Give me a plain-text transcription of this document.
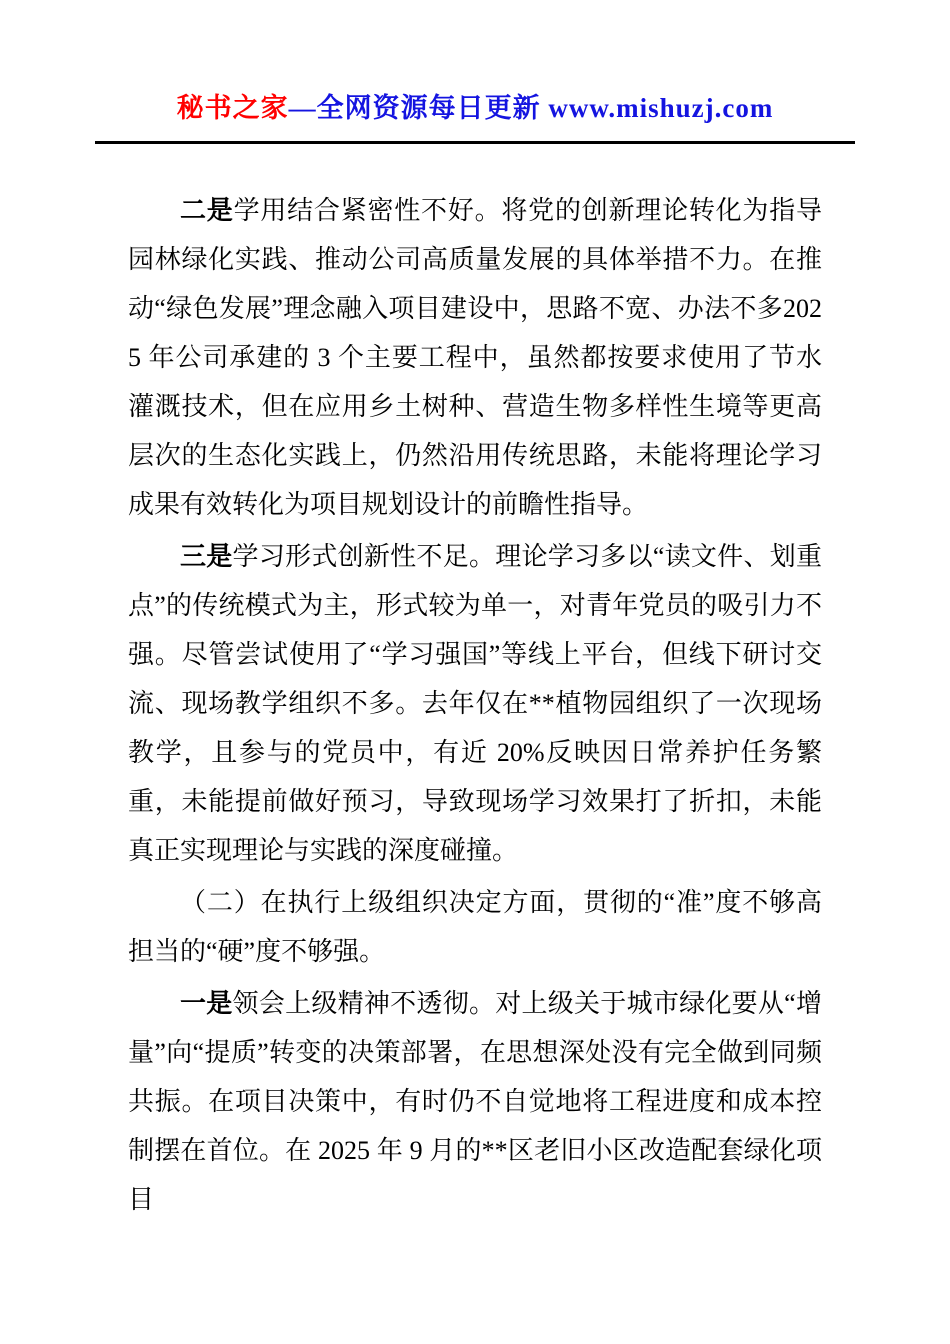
秘书之家—全网资源每日更新 www.mishuzj.com

二是学用结合紧密性不好。将党的创新理论转化为指导园林绿化实践、推动公司高质量发展的具体举措不力。在推动“绿色发展”理念融入项目建设中，思路不宽、办法不多2025 年公司承建的 3 个主要工程中，虽然都按要求使用了节水灌溉技术，但在应用乡土树种、营造生物多样性生境等更高层次的生态化实践上，仍然沿用传统思路，未能将理论学习成果有效转化为项目规划设计的前瞻性指导。

三是学习形式创新性不足。理论学习多以“读文件、划重点”的传统模式为主，形式较为单一，对青年党员的吸引力不强。尽管尝试使用了“学习强国”等线上平台，但线下研讨交流、现场教学组织不多。去年仅在**植物园组织了一次现场教学，且参与的党员中，有近 20%反映因日常养护任务繁重，未能提前做好预习，导致现场学习效果打了折扣，未能真正实现理论与实践的深度碰撞。

（二）在执行上级组织决定方面，贯彻的“准”度不够高担当的“硬”度不够强。

一是领会上级精神不透彻。对上级关于城市绿化要从“增量”向“提质”转变的决策部署，在思想深处没有完全做到同频共振。在项目决策中，有时仍不自觉地将工程进度和成本控制摆在首位。在 2025 年 9 月的**区老旧小区改造配套绿化项目
